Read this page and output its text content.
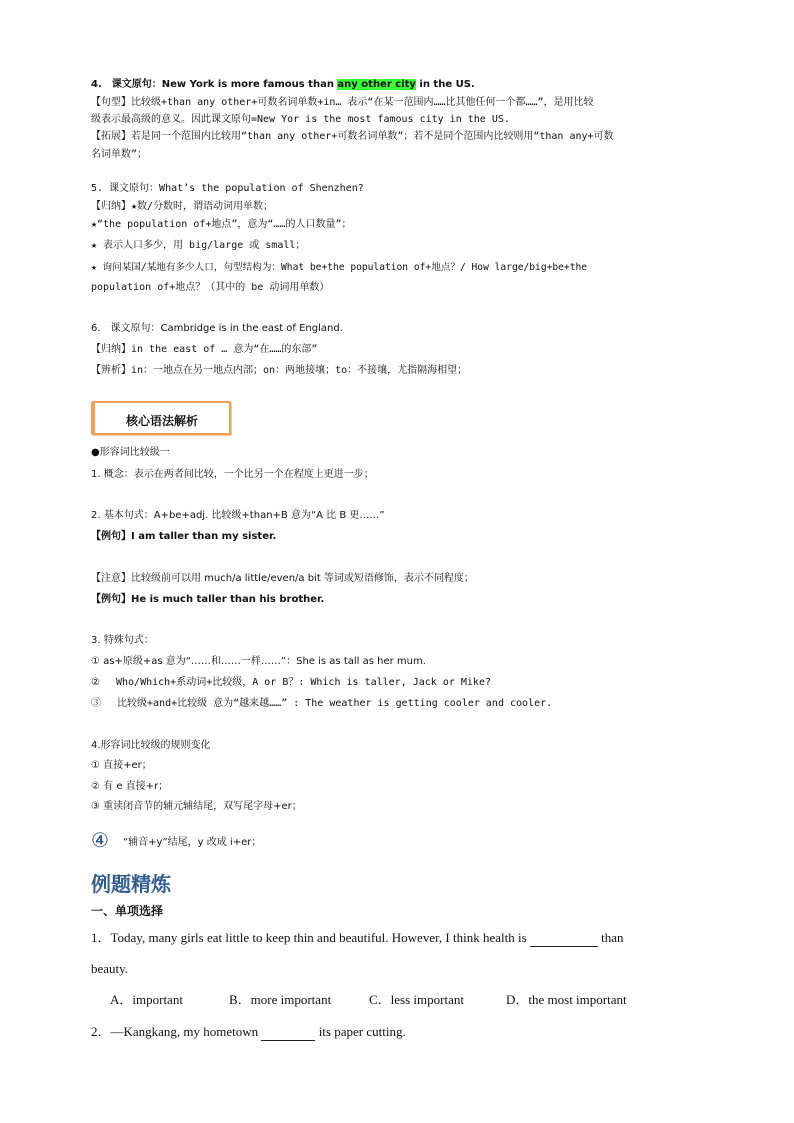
4.　课文原句：New York is more famous than any other city in the US.
【句型】比较级+than any other+可数名词单数+in… 表示“在某一范围内……比其他任何一个都……”，是用比较
级表示最高级的意义。因此课文原句=New Yor is the most famous city in the US.
【拓展】若是同一个范围内比较用“than any other+可数名词单数”；若不是同个范围内比较则用“than any+可数
名词单数”；
5. 课文原句：What’s the population of Shenzhen?
【归纳】★数/分数时，谓语动词用单数；
★“the population of+地点”，意为“……的人口数量”；
★ 表示人口多少，用 big/large 或 small；
★ 询问某国/某地有多少人口，句型结构为：What be+the population of+地点？/ How large/big+be+the
population of+地点？（其中的 be 动词用单数）
6.　课文原句：Cambridge is in the east of England.
【归纳】in the east of … 意为“在……的东部”
【辨析】in：一地点在另一地点内部；on：两地接壤；to：不接壤，尤指隔海相望；
核心语法解析
●形容词比较级一
1. 概念：表示在两者间比较，一个比另一个在程度上更进一步；
2. 基本句式：A+be+adj. 比较级+than+B 意为“A 比 B 更……”
【例句】I am taller than my sister.
【注意】比较级前可以用 much/a little/even/a bit 等词或短语修饰，表示不同程度；
【例句】He is much taller than his brother.
3. 特殊句式：
① as+原级+as 意为“……和……一样……”：She is as tall as her mum.
②　 Who/Which+系动词+比较级，A or B？: Which is taller, Jack or Mike?
③　 比较级+and+比较级 意为“越来越……” : The weather is getting cooler and cooler.
4.形容词比较级的规则变化
① 直接+er；
② 有 e 直接+r；
③ 重读闭音节的辅元辅结尾，双写尾字母+er；
④ “辅音+y”结尾，y 改成 i+er；
例题精炼
一、单项选择
1．Today, many girls eat little to keep thin and beautiful. However, I think health is	than
beauty.
A．important	B．more important	C．less important	D．the most important
2．—Kangkang, my hometown	its paper cutting.
